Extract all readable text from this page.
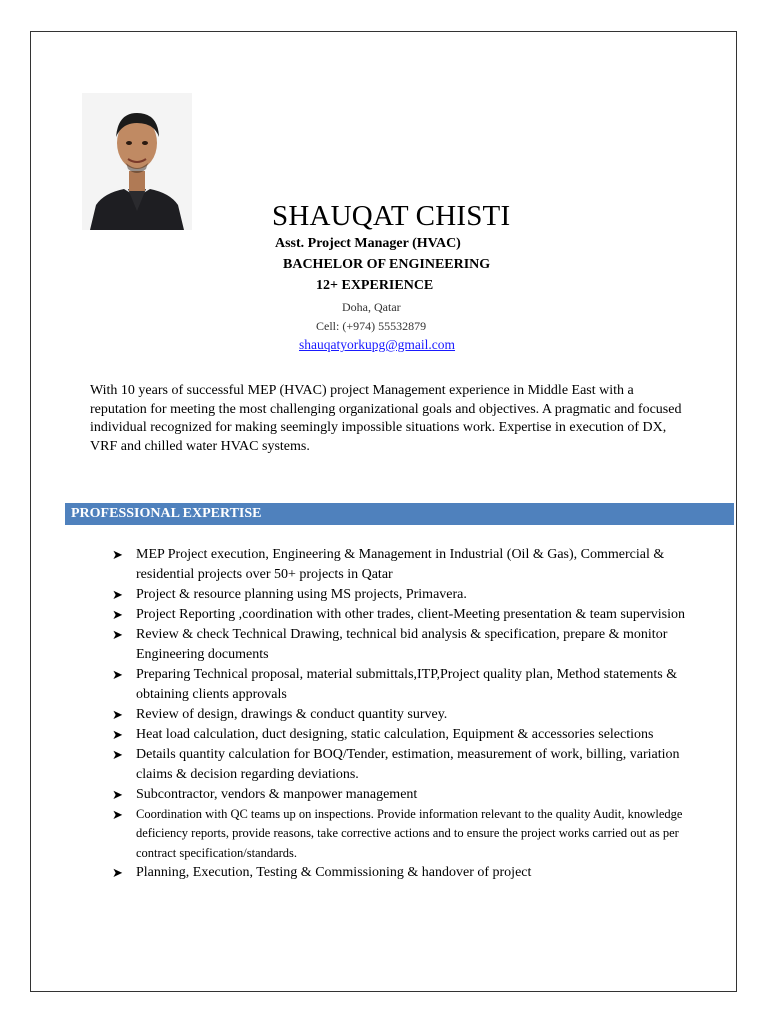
SHAUQAT CHISTI
Asst. Project Manager (HVAC)
BACHELOR OF ENGINEERING
12+ EXPERIENCE
Doha, Qatar
Cell: (+974) 55532879
shauqatyorkupg@gmail.com
With 10 years of successful MEP (HVAC) project Management experience in Middle East with a reputation for meeting the most challenging organizational goals and objectives. A pragmatic and focused individual recognized for making seemingly impossible situations work. Expertise in execution of DX, VRF and chilled water HVAC systems.
PROFESSIONAL EXPERTISE
➤ MEP Project execution, Engineering & Management in Industrial (Oil & Gas), Commercial & residential projects over 50+ projects in Qatar
➤ Project & resource planning using MS projects, Primavera.
➤ Project Reporting ,coordination with other trades, client-Meeting presentation & team supervision
➤ Review & check Technical Drawing, technical bid analysis & specification, prepare & monitor Engineering documents
➤ Preparing Technical proposal, material submittals,ITP,Project quality plan, Method statements & obtaining clients approvals
➤ Review of design, drawings & conduct quantity survey.
➤ Heat load calculation, duct designing, static calculation, Equipment & accessories selections
➤ Details quantity calculation for BOQ/Tender, estimation, measurement of work, billing, variation claims & decision regarding deviations.
➤ Subcontractor, vendors & manpower management
➤ Coordination with QC teams up on inspections. Provide information relevant to the quality Audit, knowledge deficiency reports, provide reasons, take corrective actions and to ensure the project works carried out as per contract specification/standards.
➤ Planning, Execution, Testing & Commissioning & handover of project
